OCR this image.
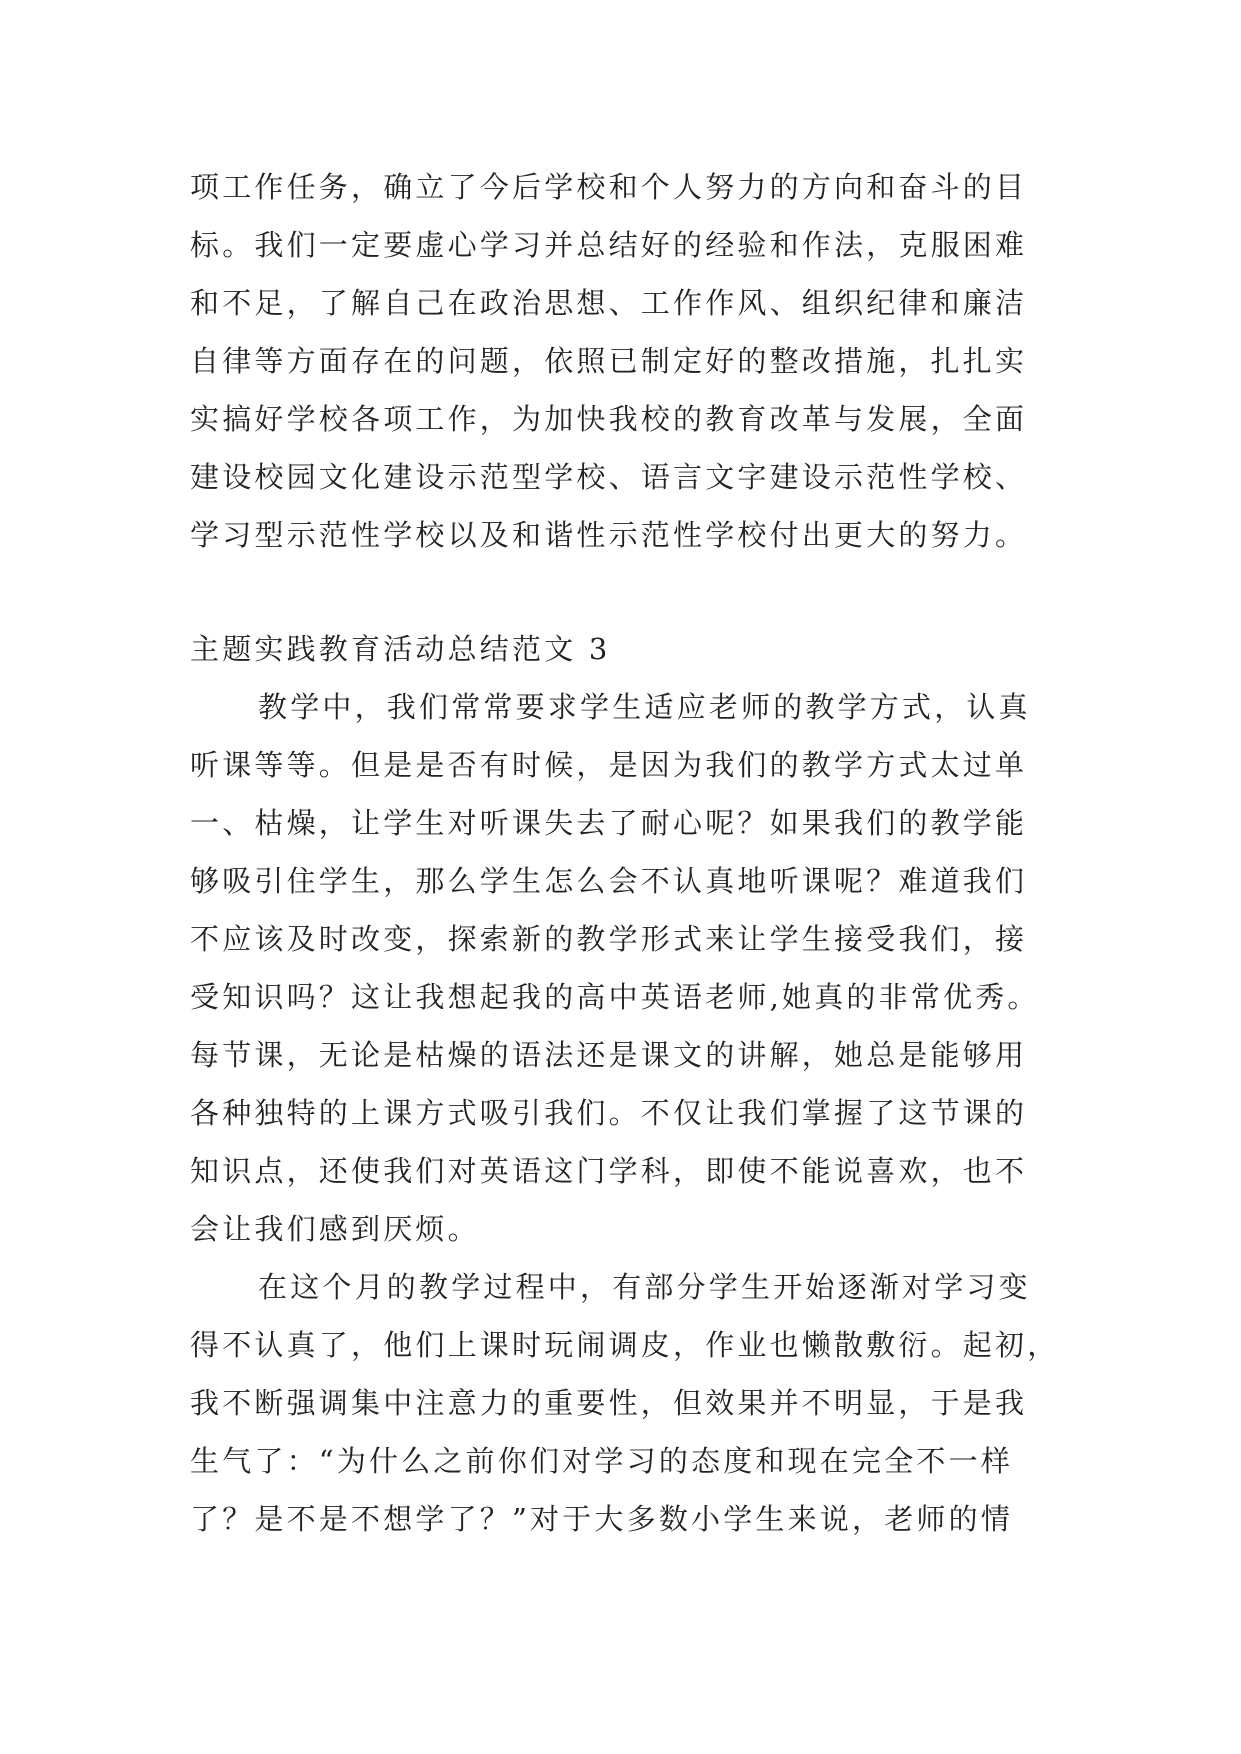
项工作任务，确立了今后学校和个人努力的方向和奋斗的目
标。我们一定要虚心学习并总结好的经验和作法，克服困难
和不足，了解自己在政治思想、工作作风、组织纪律和廉洁
自律等方面存在的问题，依照已制定好的整改措施，扎扎实
实搞好学校各项工作，为加快我校的教育改革与发展，全面
建设校园文化建设示范型学校、语言文字建设示范性学校、
学习型示范性学校以及和谐性示范性学校付出更大的努力。
主题实践教育活动总结范文 3
教学中，我们常常要求学生适应老师的教学方式，认真
听课等等。但是是否有时候，是因为我们的教学方式太过单
一、枯燥，让学生对听课失去了耐心呢？如果我们的教学能
够吸引住学生，那么学生怎么会不认真地听课呢？难道我们
不应该及时改变，探索新的教学形式来让学生接受我们，接
受知识吗？这让我想起我的高中英语老师,她真的非常优秀。
每节课，无论是枯燥的语法还是课文的讲解，她总是能够用
各种独特的上课方式吸引我们。不仅让我们掌握了这节课的
知识点，还使我们对英语这门学科，即使不能说喜欢，也不
会让我们感到厌烦。
在这个月的教学过程中，有部分学生开始逐渐对学习变
得不认真了，他们上课时玩闹调皮，作业也懒散敷衍。起初，
我不断强调集中注意力的重要性，但效果并不明显，于是我
生气了：“为什么之前你们对学习的态度和现在完全不一样
了？是不是不想学了？”对于大多数小学生来说，老师的情
